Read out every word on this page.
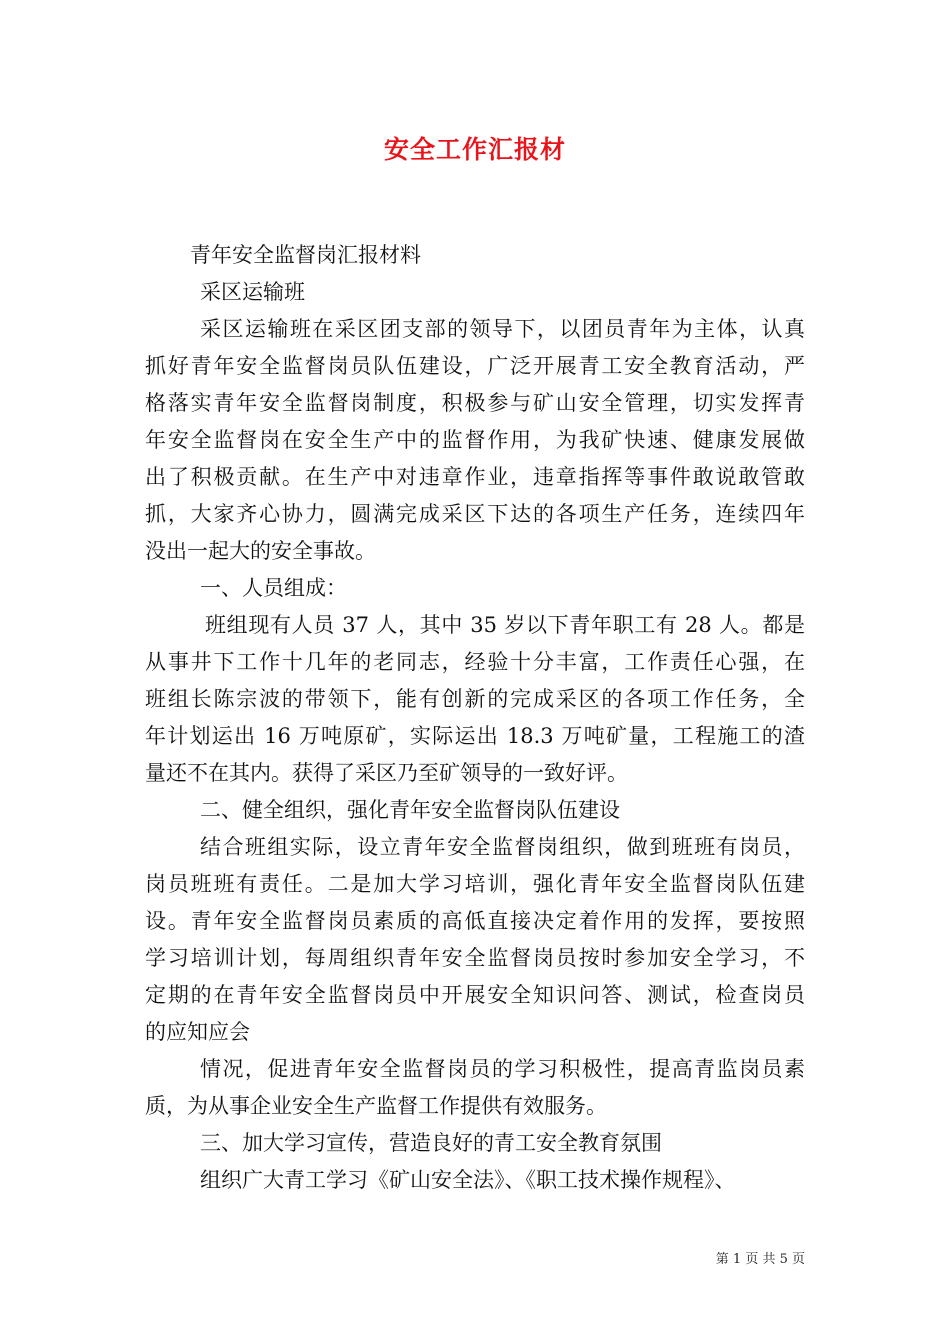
安全工作汇报材
青年安全监督岗汇报材料
采区运输班
采区运输班在采区团支部的领导下，以团员青年为主体，认真
抓好青年安全监督岗员队伍建设，广泛开展青工安全教育活动，严
格落实青年安全监督岗制度，积极参与矿山安全管理，切实发挥青
年安全监督岗在安全生产中的监督作用，为我矿快速、健康发展做
出了积极贡献。在生产中对违章作业，违章指挥等事件敢说敢管敢
抓，大家齐心协力，圆满完成采区下达的各项生产任务，连续四年
没出一起大的安全事故。
一、人员组成：
班组现有人员 37 人，其中 35 岁以下青年职工有 28 人。都是
从事井下工作十几年的老同志，经验十分丰富，工作责任心强，在
班组长陈宗波的带领下，能有创新的完成采区的各项工作任务，全
年计划运出 16 万吨原矿，实际运出 18.3 万吨矿量，工程施工的渣
量还不在其内。获得了采区乃至矿领导的一致好评。
二、健全组织，强化青年安全监督岗队伍建设
结合班组实际，设立青年安全监督岗组织，做到班班有岗员，
岗员班班有责任。二是加大学习培训，强化青年安全监督岗队伍建
设。青年安全监督岗员素质的高低直接决定着作用的发挥，要按照
学习培训计划，每周组织青年安全监督岗员按时参加安全学习，不
定期的在青年安全监督岗员中开展安全知识问答、测试，检查岗员
的应知应会
情况，促进青年安全监督岗员的学习积极性，提高青监岗员素
质，为从事企业安全生产监督工作提供有效服务。
三、加大学习宣传，营造良好的青工安全教育氛围
组织广大青工学习《矿山安全法》、《职工技术操作规程》、
第 1 页 共 5 页
